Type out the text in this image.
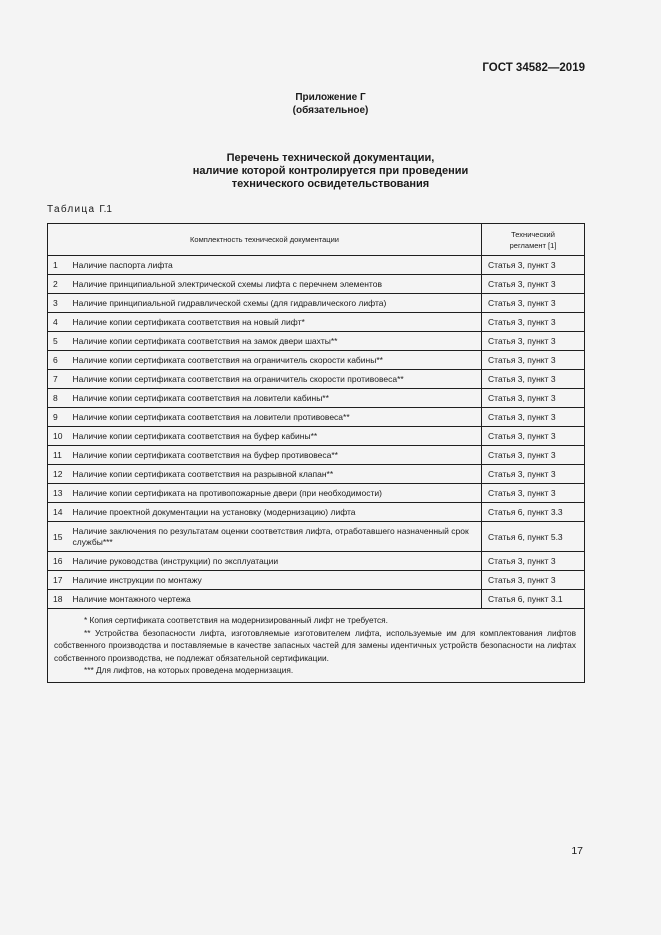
ГОСТ 34582—2019
Приложение Г
(обязательное)
Перечень технической документации,
наличие которой контролируется при проведении
технического освидетельствования
Таблица Г.1
Комплектность технической документации		Технический регламент [1]
1	Наличие паспорта лифта	Статья 3, пункт 3
2	Наличие принципиальной электрической схемы лифта с перечнем элементов	Статья 3, пункт 3
3	Наличие принципиальной гидравлической схемы (для гидравлического лифта)	Статья 3, пункт 3
4	Наличие копии сертификата соответствия на новый лифт*	Статья 3, пункт 3
5	Наличие копии сертификата соответствия на замок двери шахты**	Статья 3, пункт 3
6	Наличие копии сертификата соответствия на ограничитель скорости кабины**	Статья 3, пункт 3
7	Наличие копии сертификата соответствия на ограничитель скорости противовеса**	Статья 3, пункт 3
8	Наличие копии сертификата соответствия на ловители кабины**	Статья 3, пункт 3
9	Наличие копии сертификата соответствия на ловители противовеса**	Статья 3, пункт 3
10	Наличие копии сертификата соответствия на буфер кабины**	Статья 3, пункт 3
11	Наличие копии сертификата соответствия на буфер противовеса**	Статья 3, пункт 3
12	Наличие копии сертификата соответствия на разрывной клапан**	Статья 3, пункт 3
13	Наличие копии сертификата на противопожарные двери (при необходимости)	Статья 3, пункт 3
14	Наличие проектной документации на установку (модернизацию) лифта	Статья 6, пункт 3.3
15	Наличие заключения по результатам оценки соответствия лифта, отработавшего назначенный срок службы***	Статья 6, пункт 5.3
16	Наличие руководства (инструкции) по эксплуатации	Статья 3, пункт 3
17	Наличие инструкции по монтажу	Статья 3, пункт 3
18	Наличие монтажного чертежа	Статья 6, пункт 3.1

* Копия сертификата соответствия на модернизированный лифт не требуется.

** Устройства безопасности лифта, изготовляемые изготовителем лифта, используемые им для комплектования лифтов собственного производства и поставляемые в качестве запасных частей для замены идентичных устройств безопасности на лифтах собственного производства, не подлежат обязательной сертификации.

*** Для лифтов, на которых проведена модернизация.		

17
